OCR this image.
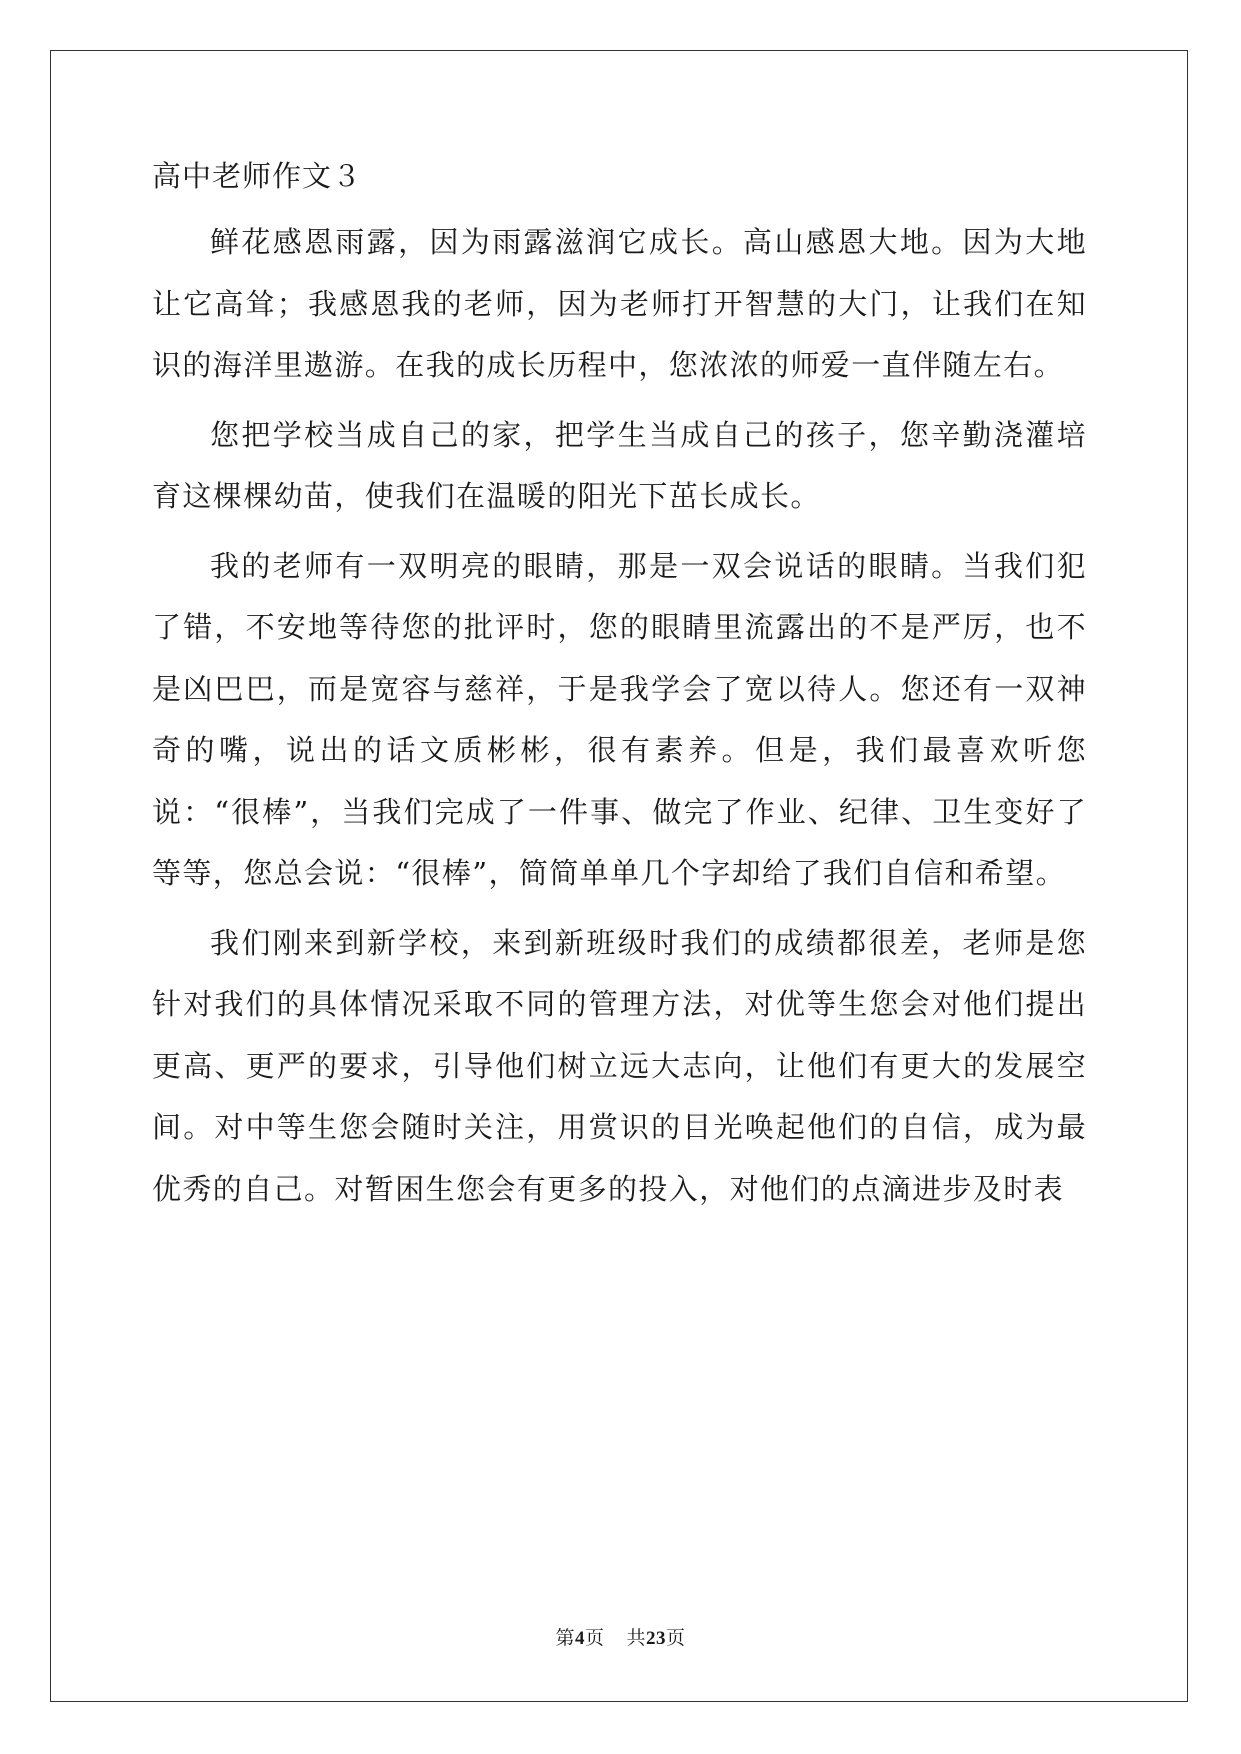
高中老师作文３

鲜花感恩雨露，因为雨露滋润它成长。高山感恩大地。因为大地让它高耸；我感恩我的老师，因为老师打开智慧的大门，让我们在知识的海洋里遨游。在我的成长历程中，您浓浓的师爱一直伴随左右。

您把学校当成自己的家，把学生当成自己的孩子，您辛勤浇灌培育这棵棵幼苗，使我们在温暖的阳光下茁长成长。

我的老师有一双明亮的眼睛，那是一双会说话的眼睛。当我们犯了错，不安地等待您的批评时，您的眼睛里流露出的不是严厉，也不是凶巴巴，而是宽容与慈祥，于是我学会了宽以待人。您还有一双神奇的嘴，说出的话文质彬彬，很有素养。但是，我们最喜欢听您说：“很棒”，当我们完成了一件事、做完了作业、纪律、卫生变好了等等，您总会说：“很棒”，简简单单几个字却给了我们自信和希望。

我们刚来到新学校，来到新班级时我们的成绩都很差，老师是您针对我们的具体情况采取不同的管理方法，对优等生您会对他们提出更高、更严的要求，引导他们树立远大志向，让他们有更大的发展空间。对中等生您会随时关注，用赏识的目光唤起他们的自信，成为最优秀的自己。对暂困生您会有更多的投入，对他们的点滴进步及时表

第4页 共23页
